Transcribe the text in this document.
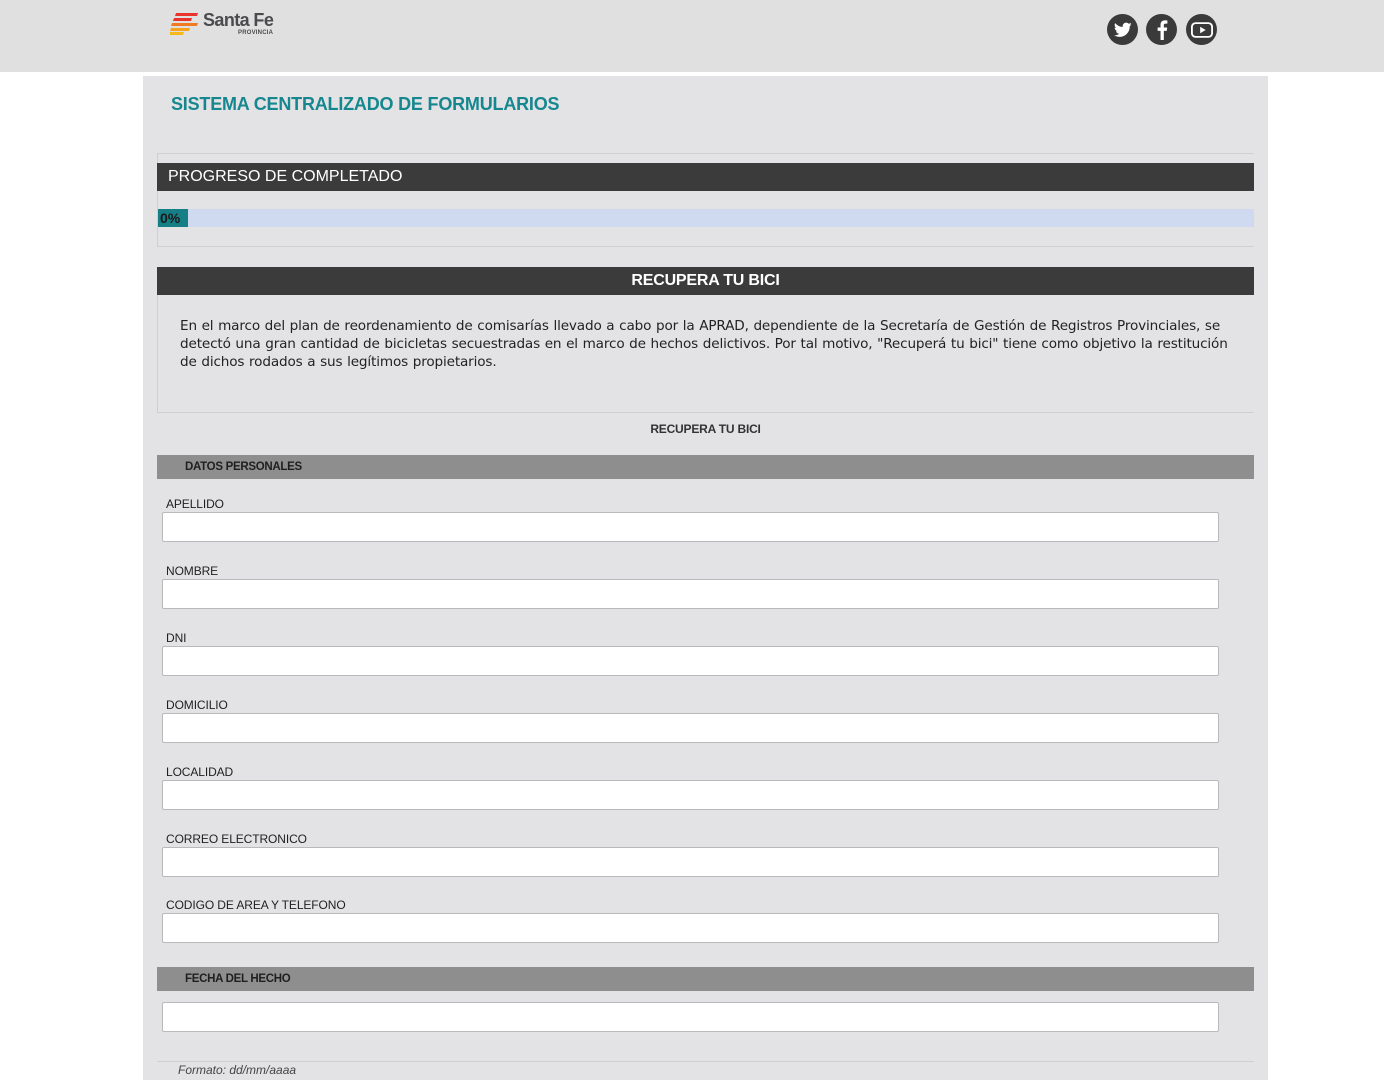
Santa Fe
PROVINCIA
SISTEMA CENTRALIZADO DE FORMULARIOS
PROGRESO DE COMPLETADO
0%
RECUPERA TU BICI

En el marco del plan de reordenamiento de comisarías llevado a cabo por la APRAD, dependiente de la Secretaría de Gestión de Registros Provinciales, se detectó una gran cantidad de bicicletas secuestradas en el marco de hechos delictivos. Por tal motivo, "Recuperá tu bici" tiene como objetivo la restitución de dichos rodados a sus legítimos propietarios.

RECUPERA TU BICI
DATOS PERSONALES
APELLIDO
NOMBRE
DNI
DOMICILIO
LOCALIDAD
CORREO ELECTRONICO
CODIGO DE AREA Y TELEFONO
FECHA DEL HECHO
Formato: dd/mm/aaaa
